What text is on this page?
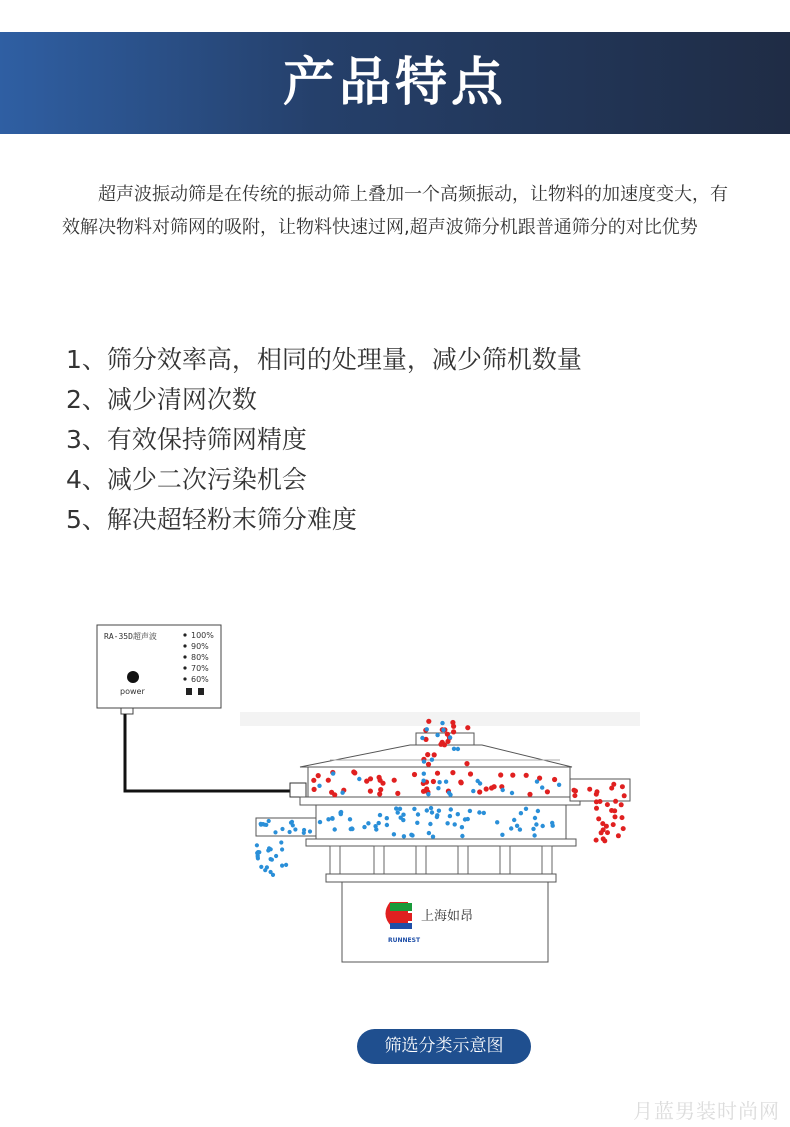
产品特点
超声波振动筛是在传统的振动筛上叠加一个高频振动，让物料的加速度变大，有效解决物料对筛网的吸附，让物料快速过网,超声波筛分机跟普通筛分的对比优势
1、筛分效率高，相同的处理量，减少筛机数量
2、减少清网次数
3、有效保持筛网精度
4、减少二次污染机会
5、解决超轻粉末筛分难度
RA-35D超声波	100%
90%
80%
70%
60%
power
RUNNEST
上海如昂
筛选分类示意图
月蓝男装时尚网
